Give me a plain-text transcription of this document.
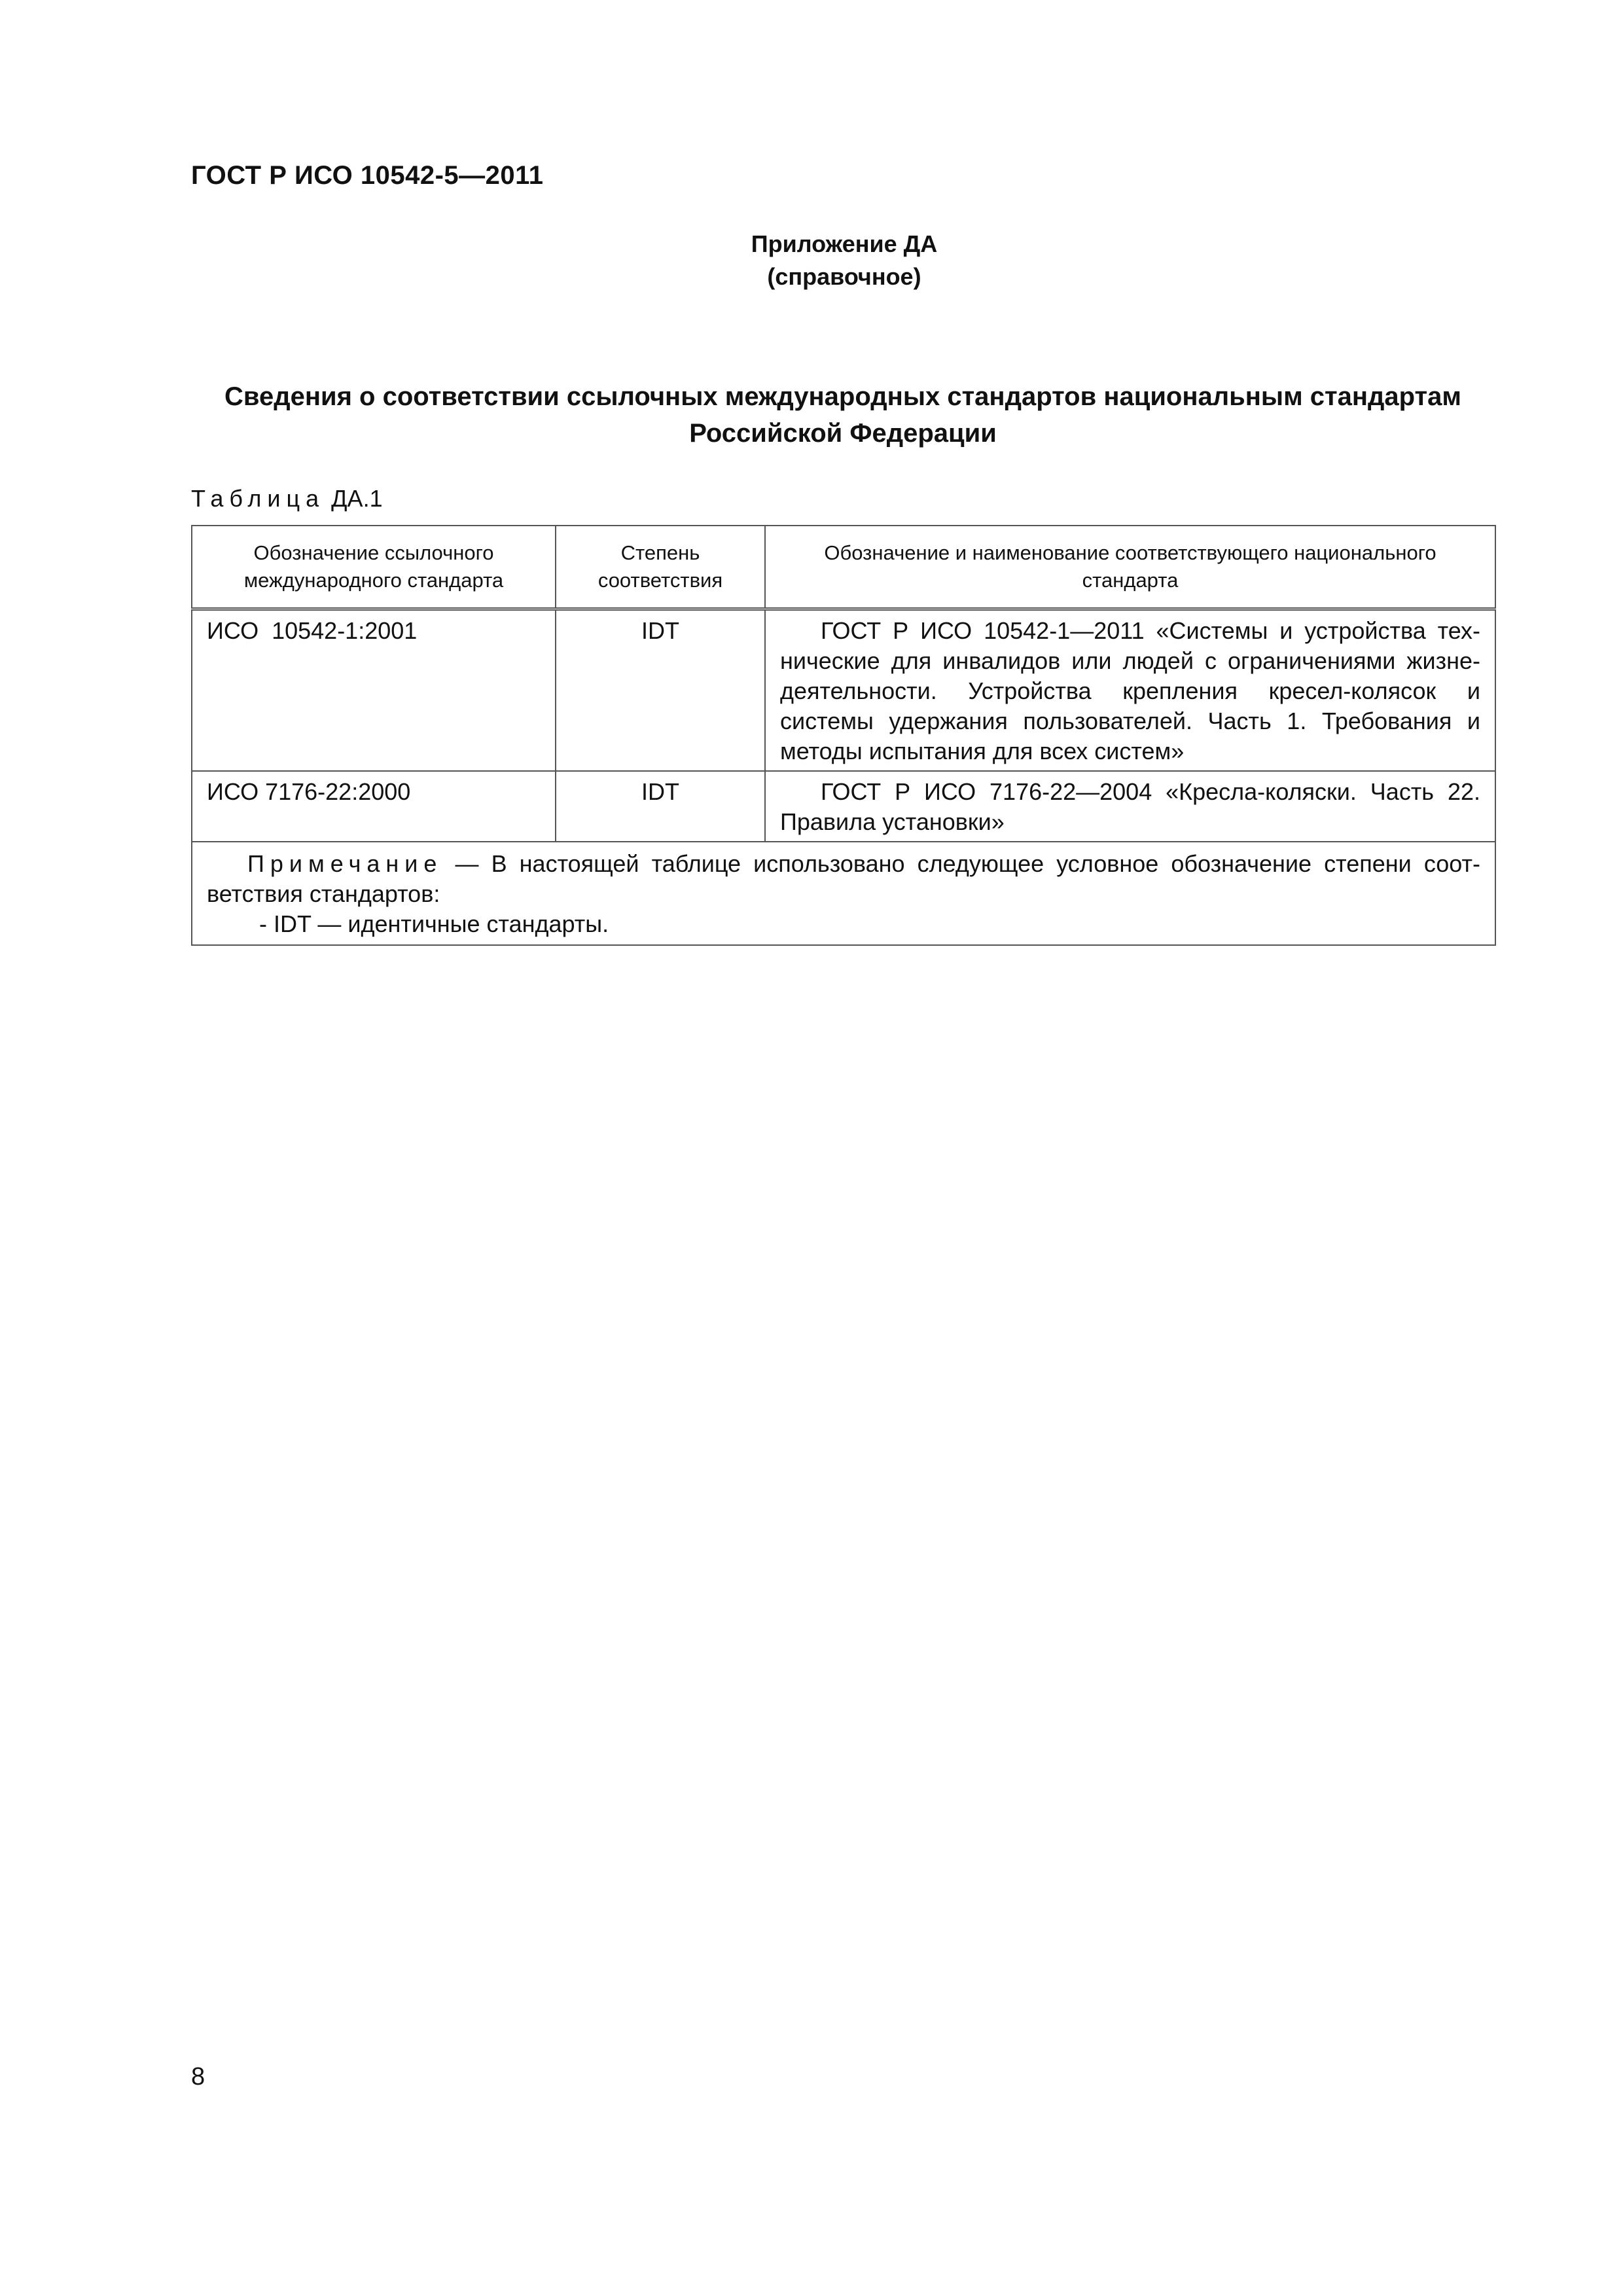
ГОСТ Р ИСО 10542-5—2011
Приложение ДА
(справочное)
Сведения о соответствии ссылочных международных стандартов национальным стандартам
Российской Федерации
Таблица ДА.1
Обозначение ссылочного международного стандарта	Степень соответствия	Обозначение и наименование соответствующего национального стандарта
ИСО  10542-1:2001	IDT	ГОСТ Р ИСО 10542-1—2011 «Системы и устройства технические для инвалидов или людей с ограничениями жизнедеятельности. Устройства крепления кресел-колясок и системы удержания пользователей. Часть 1. Требования и методы испытания для всех систем»
ИСО 7176-22:2000	IDT	ГОСТ Р ИСО 7176-22—2004 «Кресла-коляски. Часть 22. Правила установки»

Примечание — В настоящей таблице использовано следующее условное обозначение степени соответствия стандартов:
- IDT — идентичные стандарты.		
8
